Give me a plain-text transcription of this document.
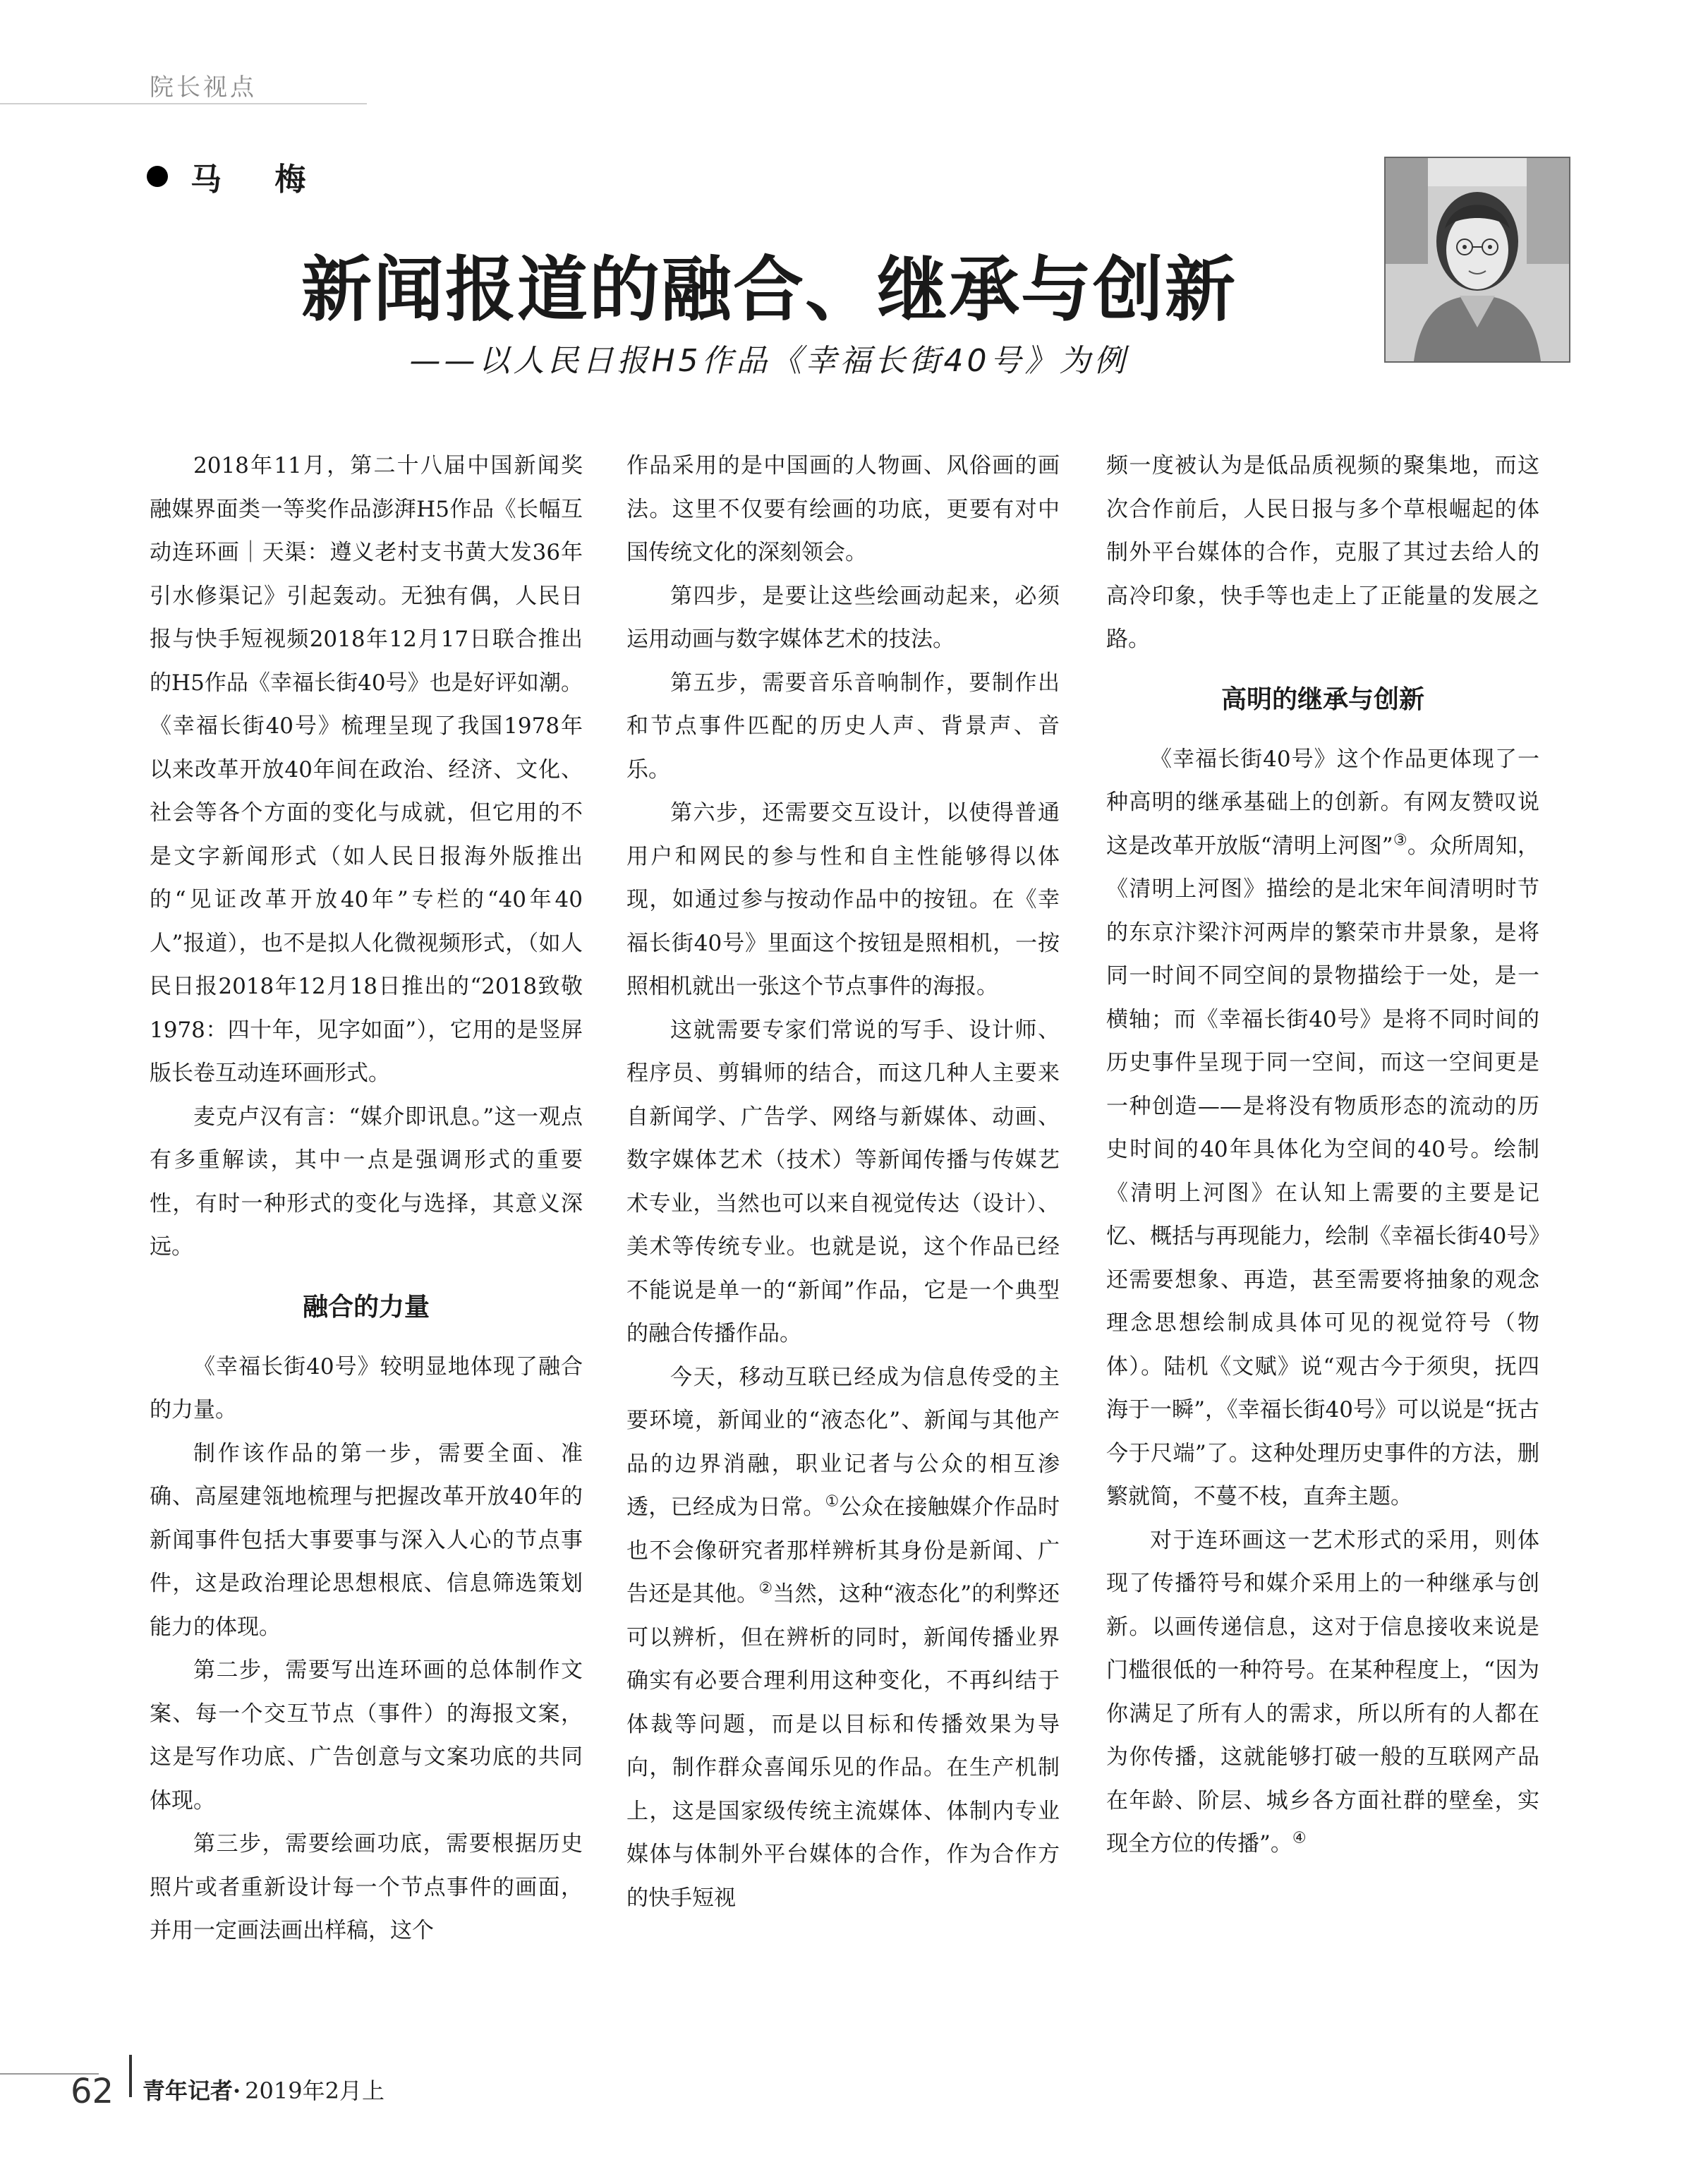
院长视点
马 梅
新闻报道的融合、继承与创新
——以人民日报H5作品《幸福长街40号》为例

2018年11月，第二十八届中国新闻奖融媒界面类一等奖作品澎湃H5作品《长幅互动连环画｜天渠：遵义老村支书黄大发36年引水修渠记》引起轰动。无独有偶，人民日报与快手短视频2018年12月17日联合推出的H5作品《幸福长街40号》也是好评如潮。《幸福长街40号》梳理呈现了我国1978年以来改革开放40年间在政治、经济、文化、社会等各个方面的变化与成就，但它用的不是文字新闻形式（如人民日报海外版推出的“见证改革开放40年”专栏的“40年40人”报道），也不是拟人化微视频形式，（如人民日报2018年12月18日推出的“2018致敬1978：四十年，见字如面”），它用的是竖屏版长卷互动连环画形式。

麦克卢汉有言：“媒介即讯息。”这一观点有多重解读，其中一点是强调形式的重要性，有时一种形式的变化与选择，其意义深远。

融合的力量

《幸福长街40号》较明显地体现了融合的力量。

制作该作品的第一步，需要全面、准确、高屋建瓴地梳理与把握改革开放40年的新闻事件包括大事要事与深入人心的节点事件，这是政治理论思想根底、信息筛选策划能力的体现。

第二步，需要写出连环画的总体制作文案、每一个交互节点（事件）的海报文案，这是写作功底、广告创意与文案功底的共同体现。

第三步，需要绘画功底，需要根据历史照片或者重新设计每一个节点事件的画面，并用一定画法画出样稿，这个

作品采用的是中国画的人物画、风俗画的画法。这里不仅要有绘画的功底，更要有对中国传统文化的深刻领会。

第四步，是要让这些绘画动起来，必须运用动画与数字媒体艺术的技法。

第五步，需要音乐音响制作，要制作出和节点事件匹配的历史人声、背景声、音乐。

第六步，还需要交互设计，以使得普通用户和网民的参与性和自主性能够得以体现，如通过参与按动作品中的按钮。在《幸福长街40号》里面这个按钮是照相机，一按照相机就出一张这个节点事件的海报。

这就需要专家们常说的写手、设计师、程序员、剪辑师的结合，而这几种人主要来自新闻学、广告学、网络与新媒体、动画、数字媒体艺术（技术）等新闻传播与传媒艺术专业，当然也可以来自视觉传达（设计）、美术等传统专业。也就是说，这个作品已经不能说是单一的“新闻”作品，它是一个典型的融合传播作品。

今天，移动互联已经成为信息传受的主要环境，新闻业的“液态化”、新闻与其他产品的边界消融，职业记者与公众的相互渗透，已经成为日常。①公众在接触媒介作品时也不会像研究者那样辨析其身份是新闻、广告还是其他。②当然，这种“液态化”的利弊还可以辨析，但在辨析的同时，新闻传播业界确实有必要合理利用这种变化，不再纠结于体裁等问题，而是以目标和传播效果为导向，制作群众喜闻乐见的作品。在生产机制上，这是国家级传统主流媒体、体制内专业媒体与体制外平台媒体的合作，作为合作方的快手短视

频一度被认为是低品质视频的聚集地，而这次合作前后，人民日报与多个草根崛起的体制外平台媒体的合作，克服了其过去给人的高冷印象，快手等也走上了正能量的发展之路。

高明的继承与创新

《幸福长街40号》这个作品更体现了一种高明的继承基础上的创新。有网友赞叹说这是改革开放版“清明上河图”③。众所周知，《清明上河图》描绘的是北宋年间清明时节的东京汴梁汴河两岸的繁荣市井景象，是将同一时间不同空间的景物描绘于一处，是一横轴；而《幸福长街40号》是将不同时间的历史事件呈现于同一空间，而这一空间更是一种创造——是将没有物质形态的流动的历史时间的40年具体化为空间的40号。绘制《清明上河图》在认知上需要的主要是记忆、概括与再现能力，绘制《幸福长街40号》还需要想象、再造，甚至需要将抽象的观念理念思想绘制成具体可见的视觉符号（物体）。陆机《文赋》说“观古今于须臾，抚四海于一瞬”，《幸福长街40号》可以说是“抚古今于尺端”了。这种处理历史事件的方法，删繁就简，不蔓不枝，直奔主题。

对于连环画这一艺术形式的采用，则体现了传播符号和媒介采用上的一种继承与创新。以画传递信息，这对于信息接收来说是门槛很低的一种符号。在某种程度上，“因为你满足了所有人的需求，所以所有的人都在为你传播，这就能够打破一般的互联网产品在年龄、阶层、城乡各方面社群的壁垒，实现全方位的传播”。④

62 青年记者· 2019年2月上
